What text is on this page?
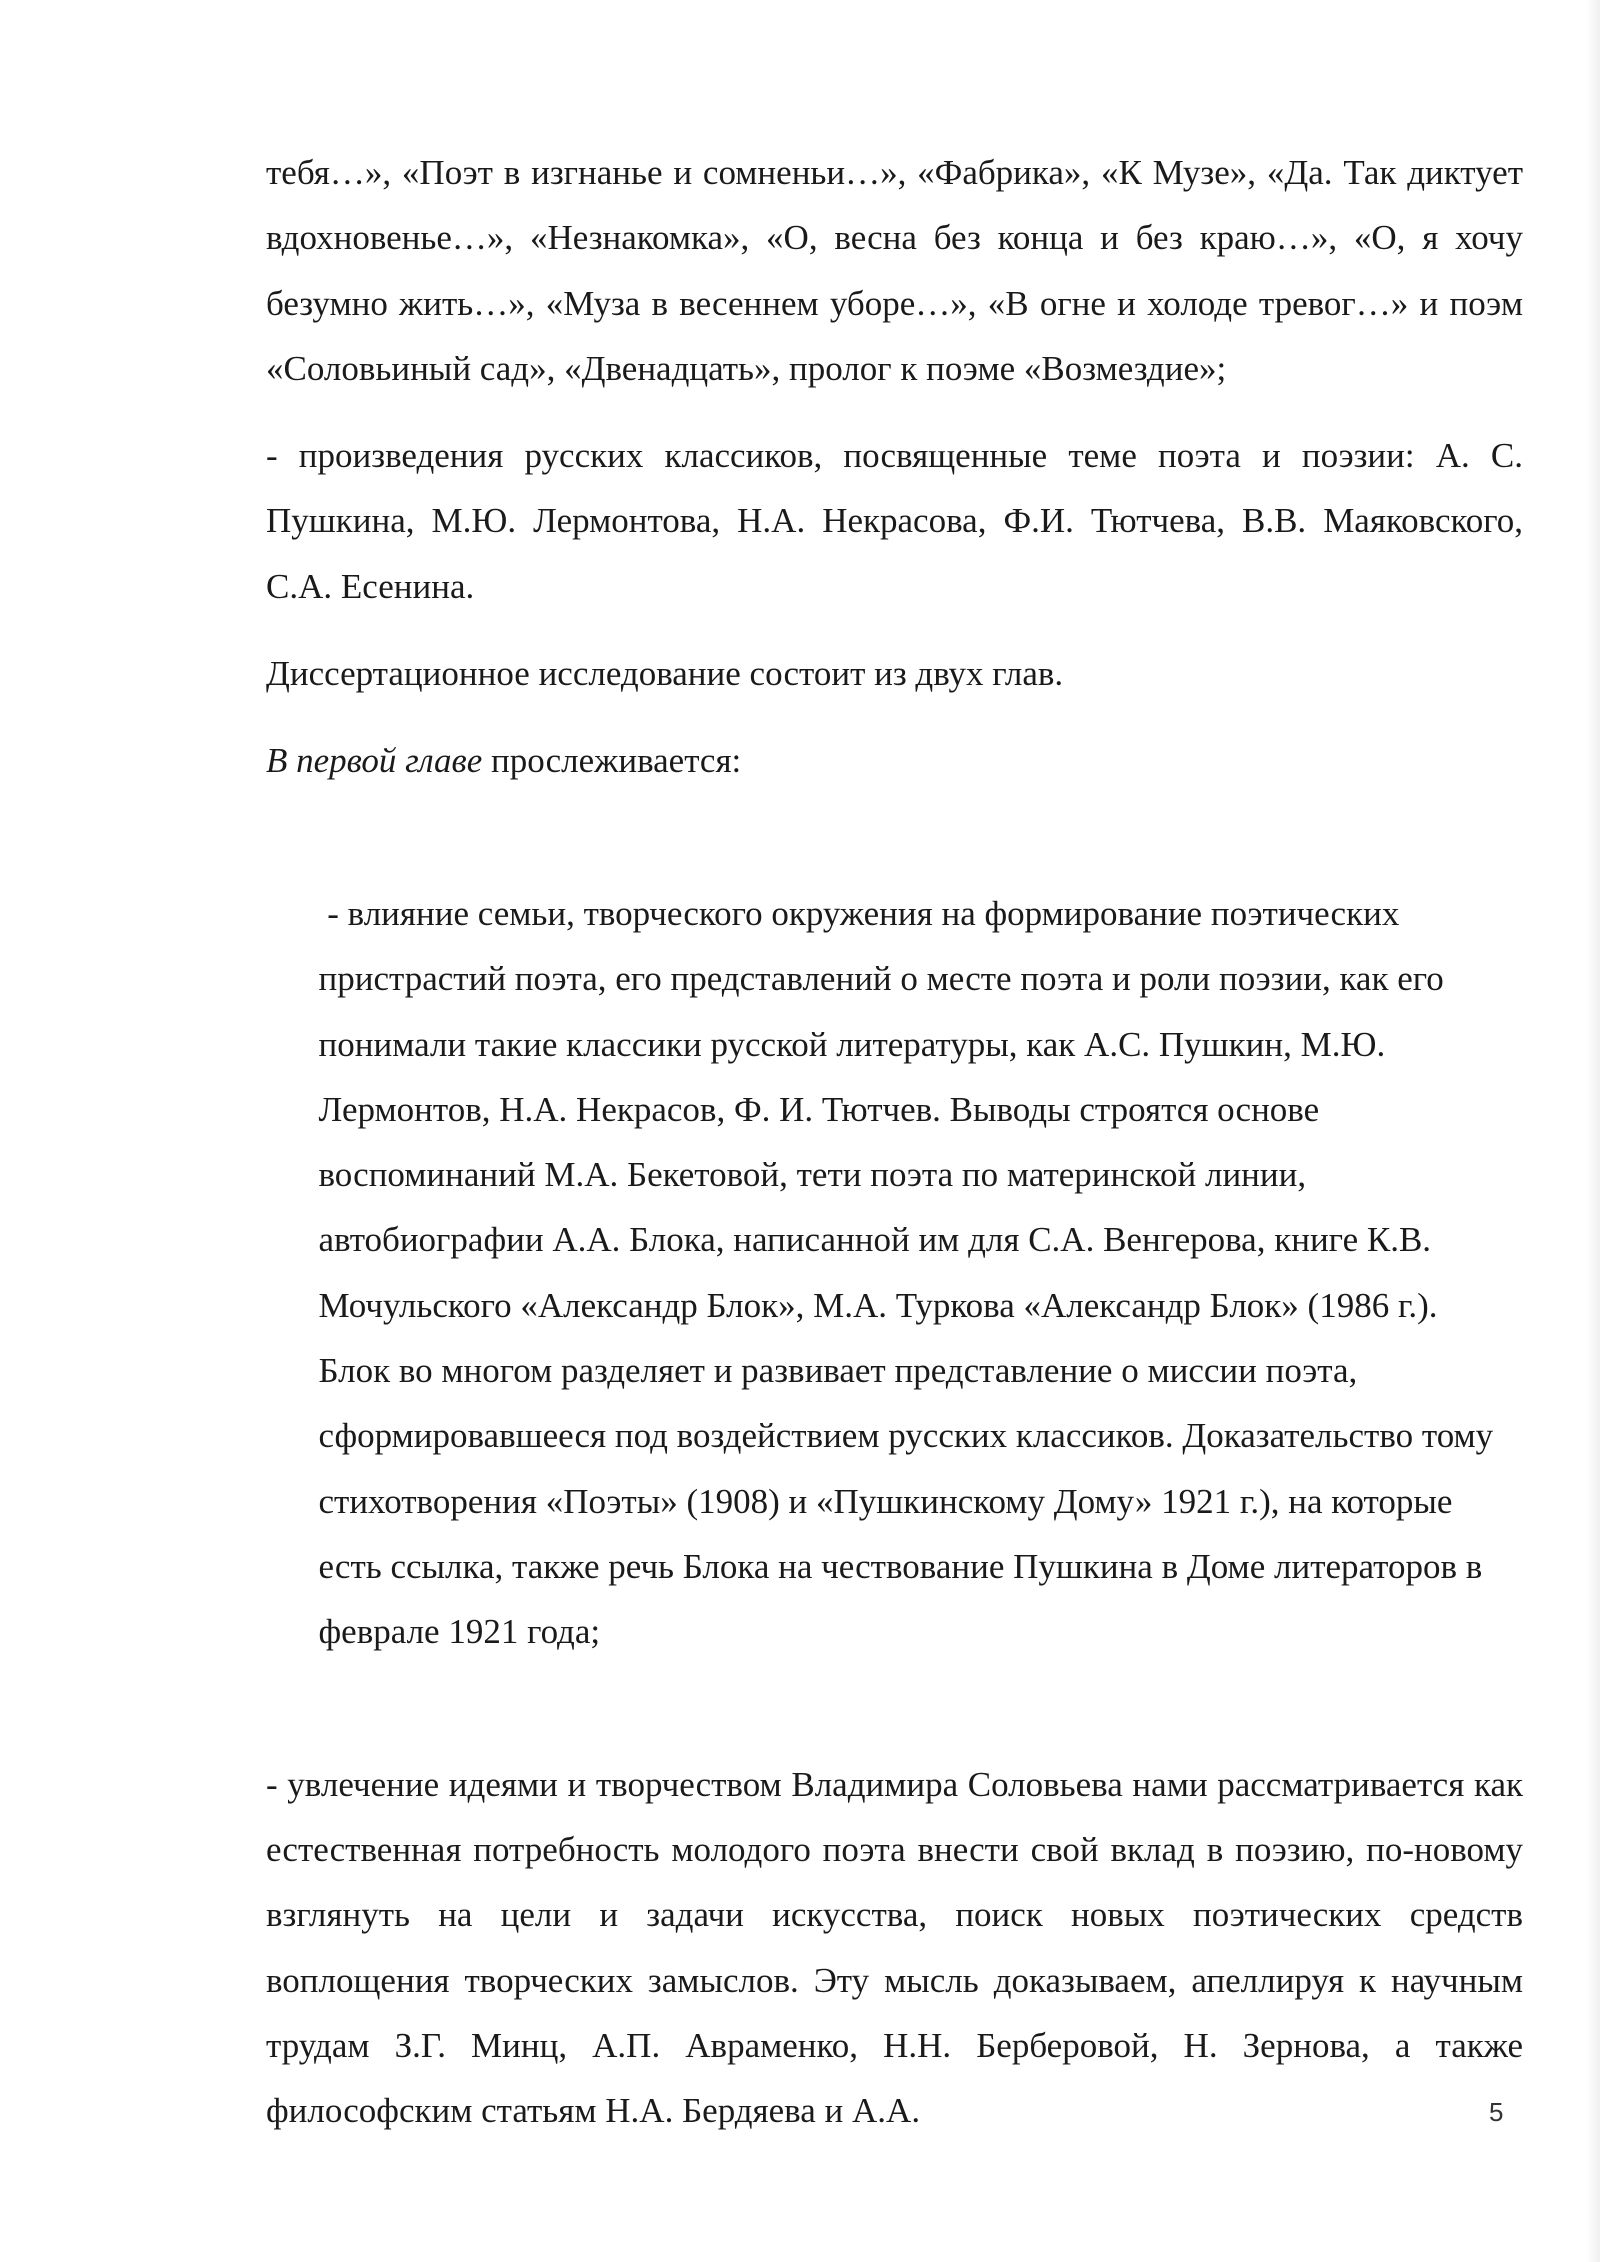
тебя…», «Поэт в изгнанье и сомненьи…», «Фабрика», «К Музе», «Да. Так диктует вдохновенье…», «Незнакомка», «О, весна без конца и без краю…», «О, я хочу безумно жить…», «Муза в весеннем уборе…», «В огне и холоде тревог…» и поэм «Соловьиный сад», «Двенадцать», пролог к поэме «Возмездие»;

- произведения русских классиков, посвященные теме поэта и поэзии: А. С. Пушкина, М.Ю. Лермонтова, Н.А. Некрасова, Ф.И. Тютчева, В.В. Маяковского, С.А. Есенина.

Диссертационное исследование состоит из двух глав.

В первой главе прослеживается:

- влияние семьи, творческого окружения на формирование поэтических
пристрастий поэта, его представлений о месте поэта и роли поэзии, как его
понимали такие классики русской литературы, как А.С. Пушкин, М.Ю.
Лермонтов, Н.А. Некрасов, Ф. И. Тютчев. Выводы строятся основе
воспоминаний М.А. Бекетовой, тети поэта по материнской линии,
автобиографии А.А. Блока, написанной им для С.А. Венгерова, книге К.В.
Мочульского «Александр Блок», М.А. Туркова «Александр Блок» (1986 г.).
Блок во многом разделяет и развивает представление о миссии поэта,
сформировавшееся под воздействием русских классиков. Доказательство тому
стихотворения «Поэты» (1908) и «Пушкинскому Дому» 1921 г.), на которые
есть ссылка, также речь Блока на чествование Пушкина в Доме литераторов в
феврале 1921 года;

- увлечение идеями и творчеством Владимира Соловьева нами рассматривается как естественная потребность молодого поэта внести свой вклад в поэзию, по-новому взглянуть на цели и задачи искусства, поиск новых поэтических средств воплощения творческих замыслов. Эту мысль доказываем, апеллируя к научным трудам З.Г. Минц, А.П. Авраменко, Н.Н. Берберовой, Н. Зернова, а также философским статьям Н.А. Бердяева и А.А.	5
